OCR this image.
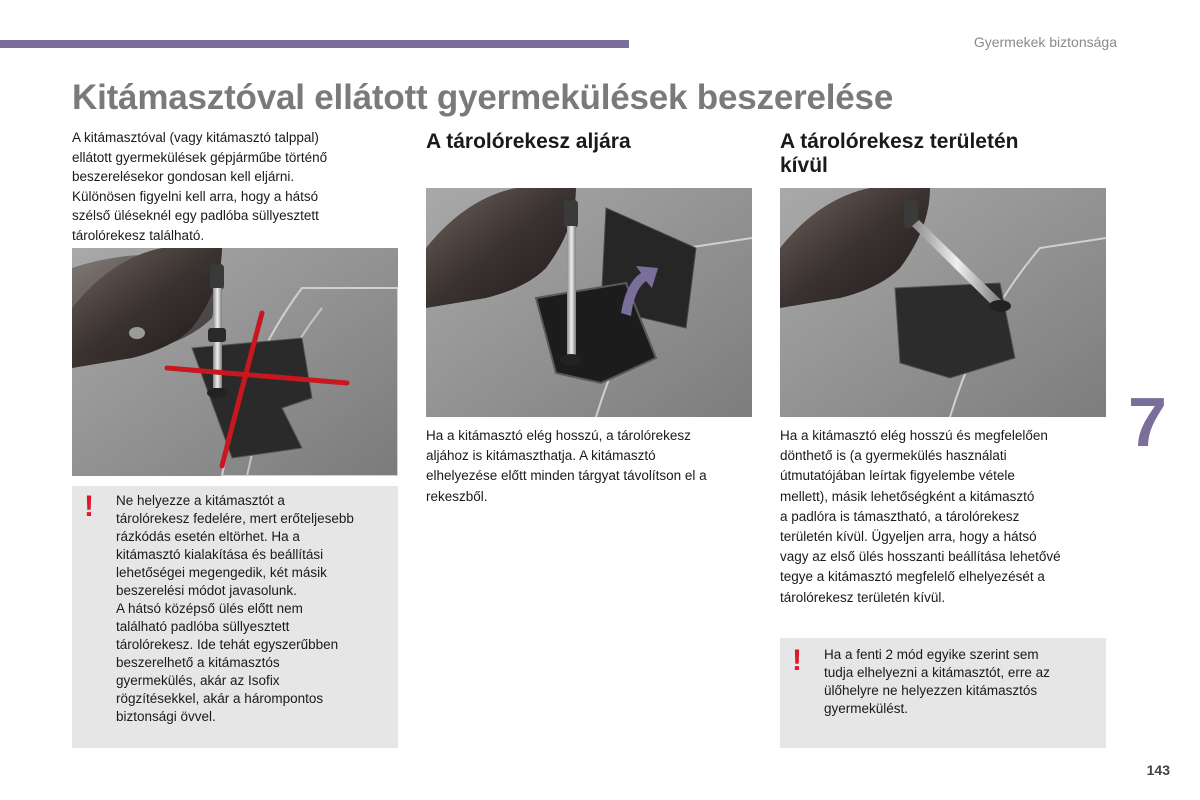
Gyermekek biztonsága
Kitámasztóval ellátott gyermekülések beszerelése
A kitámasztóval (vagy kitámasztó talppal)
ellátott gyermekülések gépjárműbe történő
beszerelésekor gondosan kell eljárni.
Különösen figyelni kell arra, hogy a hátsó
szélső üléseknél egy padlóba süllyesztett
tárolórekesz található.
! Ne helyezze a kitámasztót a
tárolórekesz fedelére, mert erőteljesebb
rázkódás esetén eltörhet. Ha a
kitámasztó kialakítása és beállítási
lehetőségei megengedik, két másik
beszerelési módot javasolunk.
A hátsó középső ülés előtt nem
található padlóba süllyesztett
tárolórekesz. Ide tehát egyszerűbben
beszerelhető a kitámasztós
gyermekülés, akár az Isofix
rögzítésekkel, akár a hárompontos
biztonsági övvel.
A tárolórekesz aljára
Ha a kitámasztó elég hosszú, a tárolórekesz
aljához is kitámaszthatja. A kitámasztó
elhelyezése előtt minden tárgyat távolítson el a
rekeszből.
A tárolórekesz területén
kívül
Ha a kitámasztó elég hosszú és megfelelően
dönthető is (a gyermekülés használati
útmutatójában leírtak figyelembe vétele
mellett), másik lehetőségként a kitámasztó
a padlóra is támasztható, a tárolórekesz
területén kívül. Ügyeljen arra, hogy a hátsó
vagy az első ülés hosszanti beállítása lehetővé
tegye a kitámasztó megfelelő elhelyezését a
tárolórekesz területén kívül.
! Ha a fenti 2 mód egyike szerint sem
tudja elhelyezni a kitámasztót, erre az
ülőhelyre ne helyezzen kitámasztós
gyermekülést.
7
143
